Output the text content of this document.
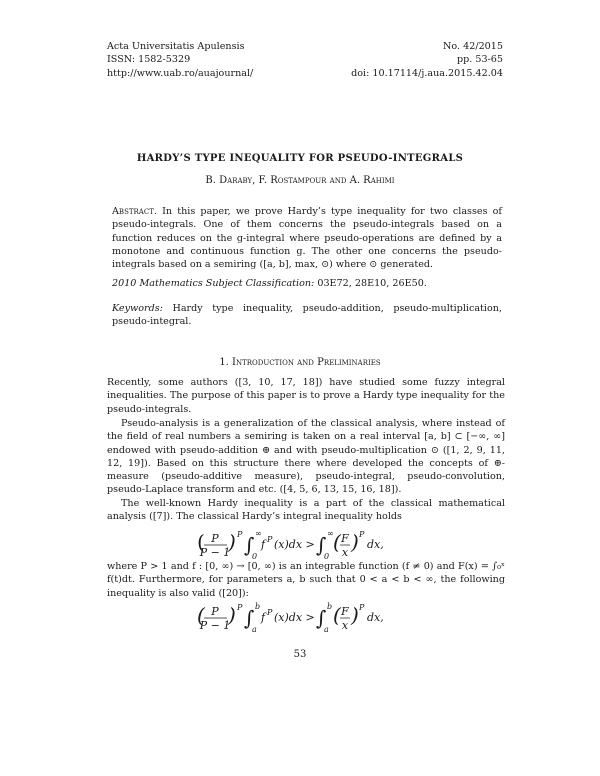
Acta Universitatis Apulensis
ISSN: 1582-5329
http://www.uab.ro/auajournal/
No. 42/2015
pp. 53-65
doi: 10.17114/j.aua.2015.42.04
HARDY’S TYPE INEQUALITY FOR PSEUDO-INTEGRALS
B. Daraby, F. Rostampour and A. Rahimi
Abstract. In this paper, we prove Hardy’s type inequality for two classes of pseudo-integrals. One of them concerns the pseudo-integrals based on a function reduces on the g-integral where pseudo-operations are defined by a monotone and continuous function g. The other one concerns the pseudo-integrals based on a semiring ([a, b], max, ⊙) where ⊙ generated.
2010 Mathematics Subject Classification: 03E72, 28E10, 26E50.
Keywords: Hardy type inequality, pseudo-addition, pseudo-multiplication, pseudo-integral.
1. Introduction and Preliminaries
Recently, some authors ([3, 10, 17, 18]) have studied some fuzzy integral inequalities. The purpose of this paper is to prove a Hardy type inequality for the pseudo-integrals.
Pseudo-analysis is a generalization of the classical analysis, where instead of the field of real numbers a semiring is taken on a real interval [a, b] ⊂ [−∞, ∞] endowed with pseudo-addition ⊕ and with pseudo-multiplication ⊙ ([1, 2, 9, 11, 12, 19]). Based on this structure there where developed the concepts of ⊕-measure (pseudo-additive measure), pseudo-integral, pseudo-convolution, pseudo-Laplace transform and etc. ([4, 5, 6, 13, 15, 16, 18]).
The well-known Hardy inequality is a part of the classical mathematical analysis ([7]). The classical Hardy’s integral inequality holds
( P
P − 1
) P ∫ ∞
0
f P (x)dx > ∫ ∞
0
( F
x ) P
dx,
where P > 1 and f : [0, ∞) → [0, ∞) is an integrable function (f ≠ 0) and F(x) = ∫₀ˣ f(t)dt. Furthermore, for parameters a, b such that 0 < a < b < ∞, the following inequality is also valid ([20]):
( P
P − 1
) P ∫ b
a
f P (x)dx > ∫ b
a
( F
x ) P
dx,
53
